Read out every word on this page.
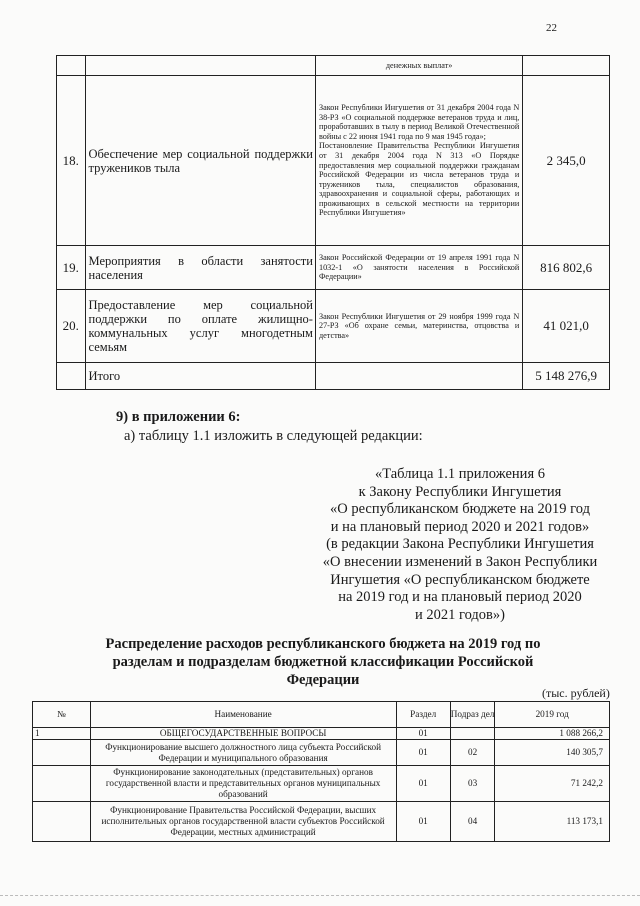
22
		денежных выплат»	
18.	Обеспечение мер социальной поддержки тружеников тыла	Закон Республики Ингушетия от 31 декабря 2004 года N 38-РЗ «О социальной поддержке ветеранов труда и лиц, проработавших в тылу в период Великой Отечественной войны с 22 июня 1941 года по 9 мая 1945 года»;
Постановление Правительства Республики Ингушетия от 31 декабря 2004 года N 313 «О Порядке предоставления мер социальной поддержки гражданам Российской Федерации из числа ветеранов труда и тружеников тыла, специалистов образования, здравоохранения и социальной сферы, работающих и проживающих в сельской местности на территории Республики Ингушетия»	2 345,0
19.	Мероприятия в области занятости населения	Закон Российской Федерации от 19 апреля 1991 года N 1032-1 «О занятости населения в Российской Федерации»	816 802,6
20.	Предоставление мер социальной поддержки по оплате жилищно-коммунальных услуг многодетным семьям	Закон Республики Ингушетия от 29 ноября 1999 года N 27-РЗ «Об охране семьи, материнства, отцовства и детства»	41 021,0
	Итого		5 148 276,9
9) в приложении 6:
а) таблицу 1.1 изложить в следующей редакции:
«Таблица 1.1 приложения 6
к Закону Республики Ингушетия
«О республиканском бюджете на 2019 год
и на плановый период 2020 и 2021 годов»
(в редакции Закона Республики Ингушетия
«О внесении изменений в Закон Республики
Ингушетия «О республиканском бюджете
на 2019 год и на плановый период 2020
и 2021 годов»)
Распределение расходов республиканского бюджета на 2019 год по
разделам и подразделам бюджетной классификации Российской
Федерации
(тыс. рублей)
№	Наименование	Раздел	Подраз дел	2019 год
1	ОБЩЕГОСУДАРСТВЕННЫЕ ВОПРОСЫ	01		1 088 266,2
	Функционирование высшего должностного лица субъекта Российской Федерации и муниципального образования	01	02	140 305,7
	Функционирование законодательных (представительных) органов государственной власти и представительных органов муниципальных образований	01	03	71 242,2
	Функционирование Правительства Российской Федерации, высших исполнительных органов государственной власти субъектов Российской Федерации, местных администраций	01	04	113 173,1
